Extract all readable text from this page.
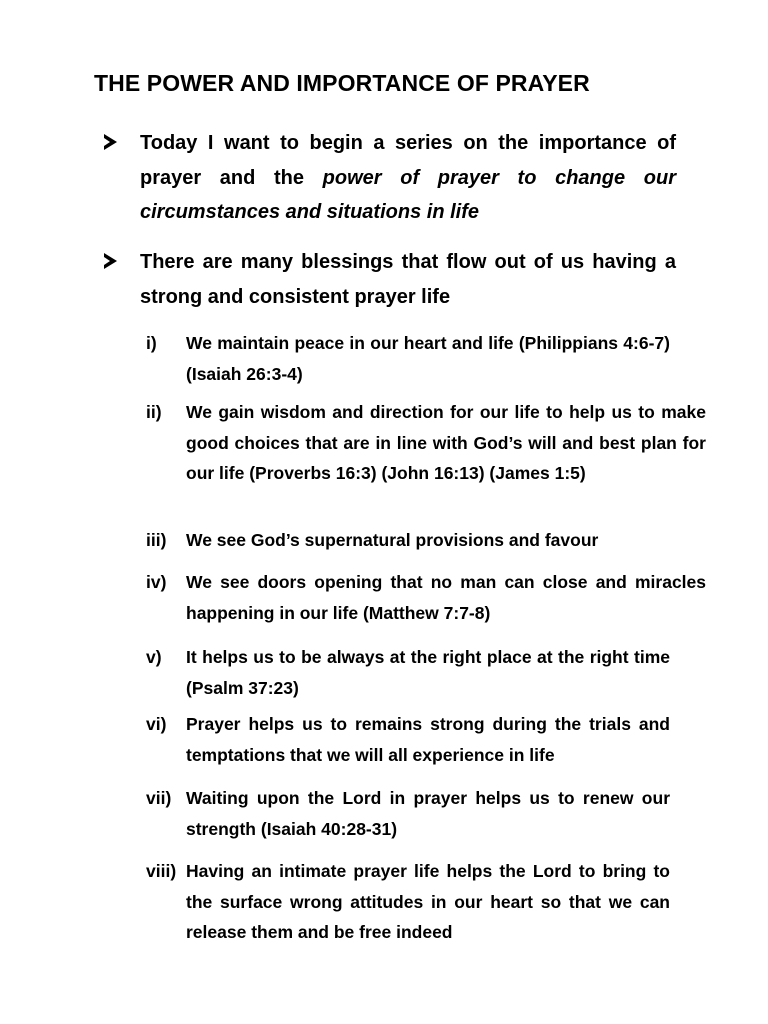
THE POWER AND IMPORTANCE OF PRAYER
Today I want to begin a series on the importance of prayer and the power of prayer to change our circumstances and situations in life
There are many blessings that flow out of us having a strong and consistent prayer life
i) We maintain peace in our heart and life (Philippians 4:6-7) (Isaiah 26:3-4)
ii) We gain wisdom and direction for our life to help us to make good choices that are in line with God’s will and best plan for our life (Proverbs 16:3) (John 16:13) (James 1:5)
iii) We see God’s supernatural provisions and favour
iv) We see doors opening that no man can close and miracles happening in our life (Matthew 7:7-8)
v) It helps us to be always at the right place at the right time (Psalm 37:23)
vi) Prayer helps us to remains strong during the trials and temptations that we will all experience in life
vii) Waiting upon the Lord in prayer helps us to renew our strength (Isaiah 40:28-31)
viii) Having an intimate prayer life helps the Lord to bring to the surface wrong attitudes in our heart so that we can release them and be free indeed
